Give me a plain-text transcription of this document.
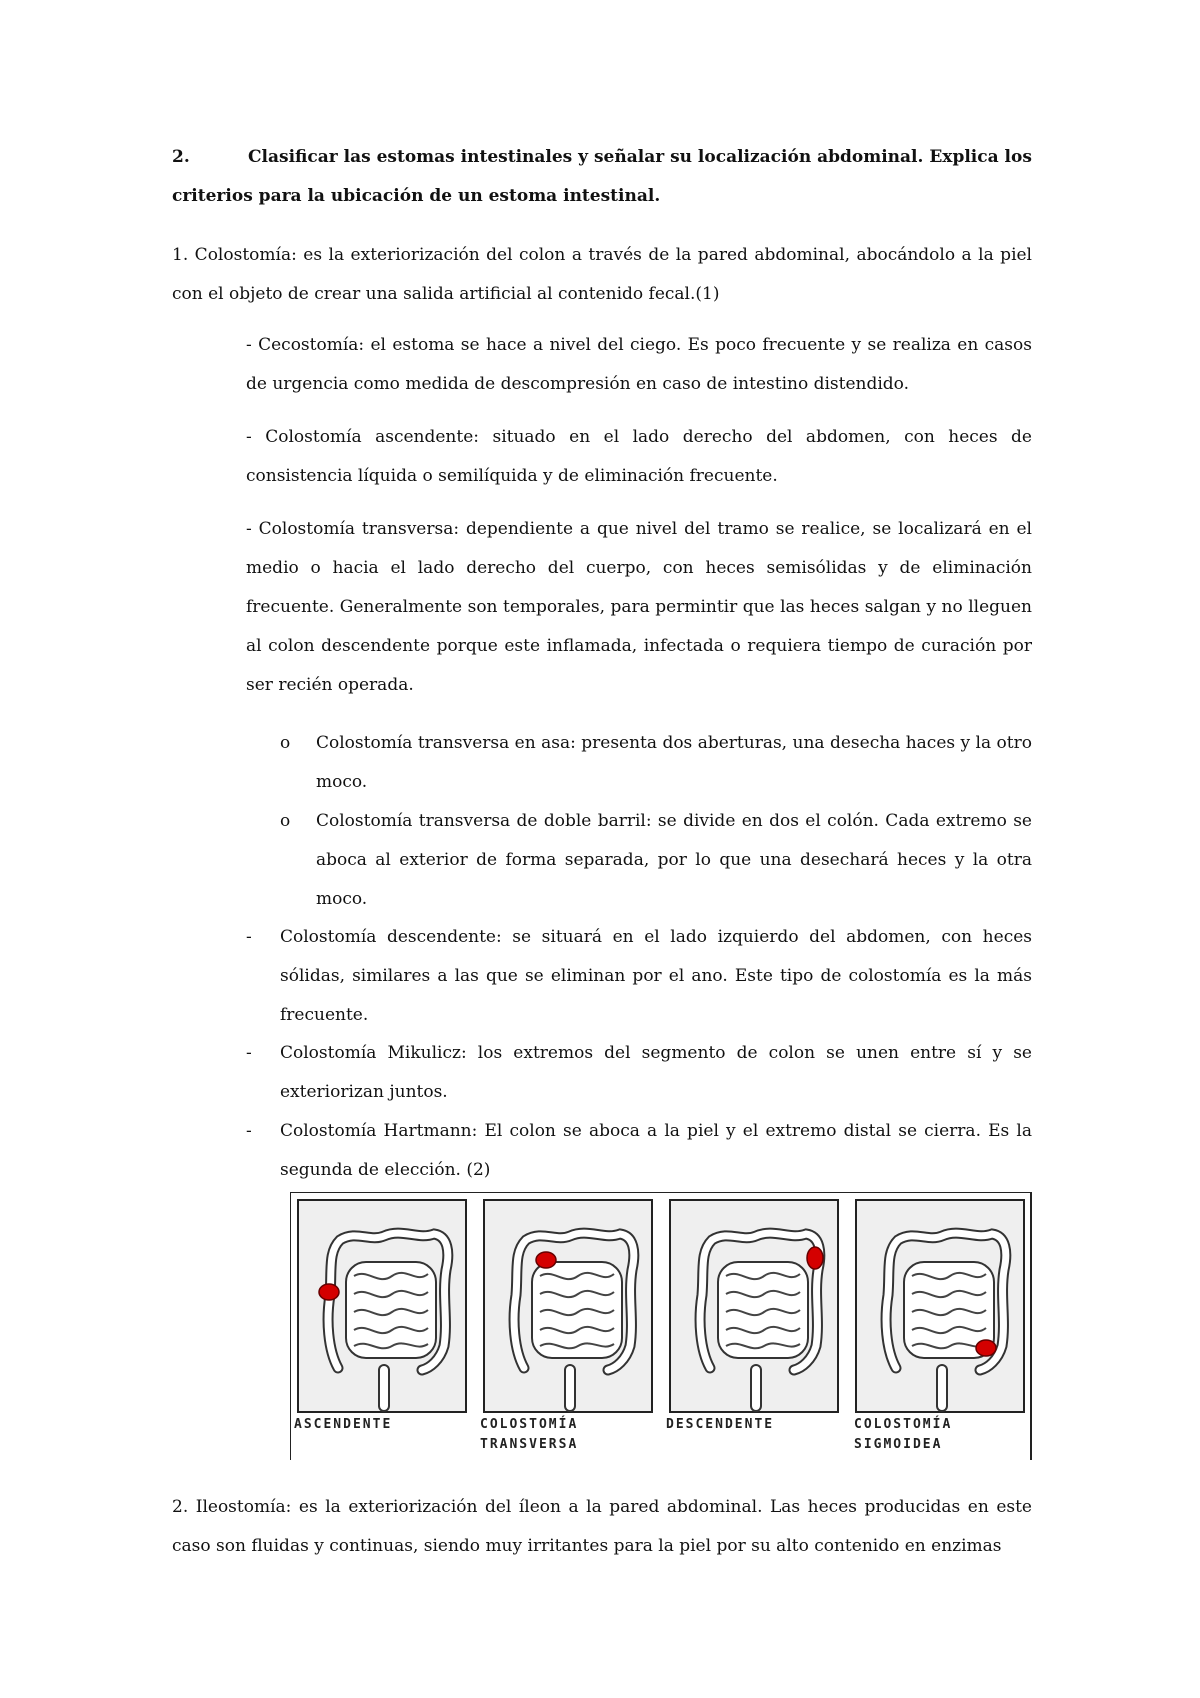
2.	Clasificar las estomas intestinales y señalar su localización abdominal. Explica los criterios para la ubicación de un estoma intestinal.
1. Colostomía: es la exteriorización del colon a través de la pared abdominal, abocándolo a la piel con el objeto de crear una salida artificial al contenido fecal.(1)
- Cecostomía: el estoma se hace a nivel del ciego. Es poco frecuente y se realiza en casos de urgencia como medida de descompresión en caso de intestino distendido.
- Colostomía ascendente: situado en el lado derecho del abdomen, con heces de consistencia líquida o semilíquida y de eliminación frecuente.
- Colostomía transversa: dependiente a que nivel del tramo se realice, se localizará en el medio o hacia el lado derecho del cuerpo, con heces semisólidas y de eliminación frecuente. Generalmente son temporales, para permintir que las heces salgan y no lleguen al colon descendente porque este inflamada, infectada o requiera tiempo de curación por ser recién operada.
o	Colostomía transversa en asa: presenta dos aberturas, una desecha haces y la otro moco.
o	Colostomía transversa de doble barril: se divide en dos el colón. Cada extremo se aboca al exterior de forma separada, por lo que una desechará heces y la otra moco.
-	Colostomía descendente: se situará en el lado izquierdo del abdomen, con heces sólidas, similares a las que se eliminan por el ano. Este tipo de colostomía es la más frecuente.
-	Colostomía Mikulicz: los extremos del segmento de colon se unen entre sí y se exteriorizan juntos.
-	Colostomía Hartmann: El colon se aboca a la piel y el extremo distal se cierra. Es la segunda de elección. (2)
ASCENDENTE	COLOSTOMÍA
TRANSVERSA
DESCENDENTE	COLOSTOMÍA
SIGMOIDEA
2. Ileostomía: es la exteriorización del íleon a la pared abdominal. Las heces producidas en este caso son fluidas y continuas, siendo muy irritantes para la piel por su alto contenido en enzimas
